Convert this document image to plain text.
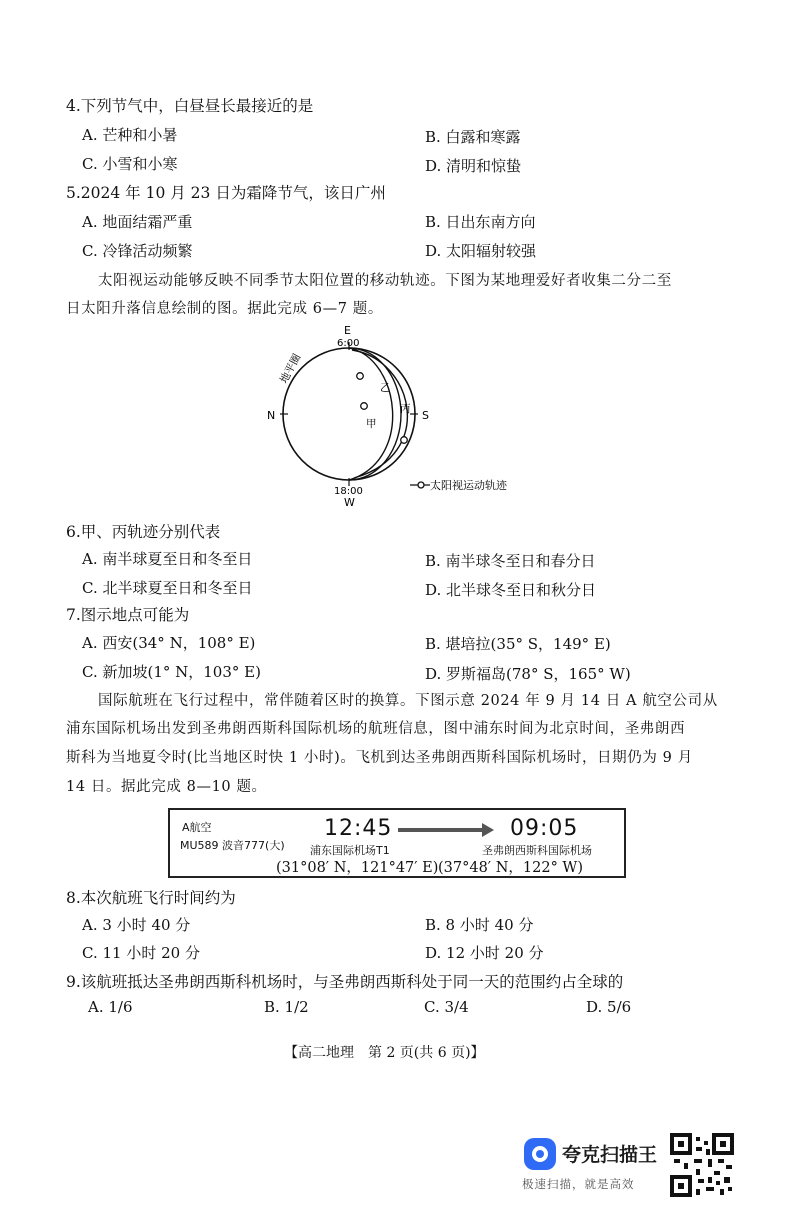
4.下列节气中，白昼昼长最接近的是
A. 芒种和小暑	B. 白露和寒露
C. 小雪和小寒	D. 清明和惊蛰
5.2024 年 10 月 23 日为霜降节气，该日广州
A. 地面结霜严重	B. 日出东南方向
C. 冷锋活动频繁	D. 太阳辐射较强
太阳视运动能够反映不同季节太阳位置的移动轨迹。下图为某地理爱好者收集二分二至
日太阳升落信息绘制的图。据此完成 6—7 题。
E
6:00
N	S
18:00
W
地平圈
甲
乙
丙
太阳视运动轨迹
6.甲、丙轨迹分别代表
A. 南半球夏至日和冬至日	B. 南半球冬至日和春分日
C. 北半球夏至日和冬至日	D. 北半球冬至日和秋分日
7.图示地点可能为
A. 西安(34° N，108° E)	B. 堪培拉(35° S，149° E)
C. 新加坡(1° N，103° E)	D. 罗斯福岛(78° S，165° W)
国际航班在飞行过程中，常伴随着区时的换算。下图示意 2024 年 9 月 14 日 A 航空公司从
浦东国际机场出发到圣弗朗西斯科国际机场的航班信息，图中浦东时间为北京时间，圣弗朗西
斯科为当地夏令时(比当地区时快 1 小时)。飞机到达圣弗朗西斯科国际机场时，日期仍为 9 月
14 日。据此完成 8—10 题。
A航空
MU589 波音777(大)
12:45	09:05
浦东国际机场T1	圣弗朗西斯科国际机场
(31°08′ N，121°47′ E) (37°48′ N，122° W)
8.本次航班飞行时间约为
A. 3 小时 40 分	B. 8 小时 40 分
C. 11 小时 20 分	D. 12 小时 20 分
9.该航班抵达圣弗朗西斯科机场时，与圣弗朗西斯科处于同一天的范围约占全球的
A. 1/6	B. 1/2	C. 3/4	D. 5/6
【高二地理　第 2 页(共 6 页)】
夸克扫描王
极速扫描，就是高效
